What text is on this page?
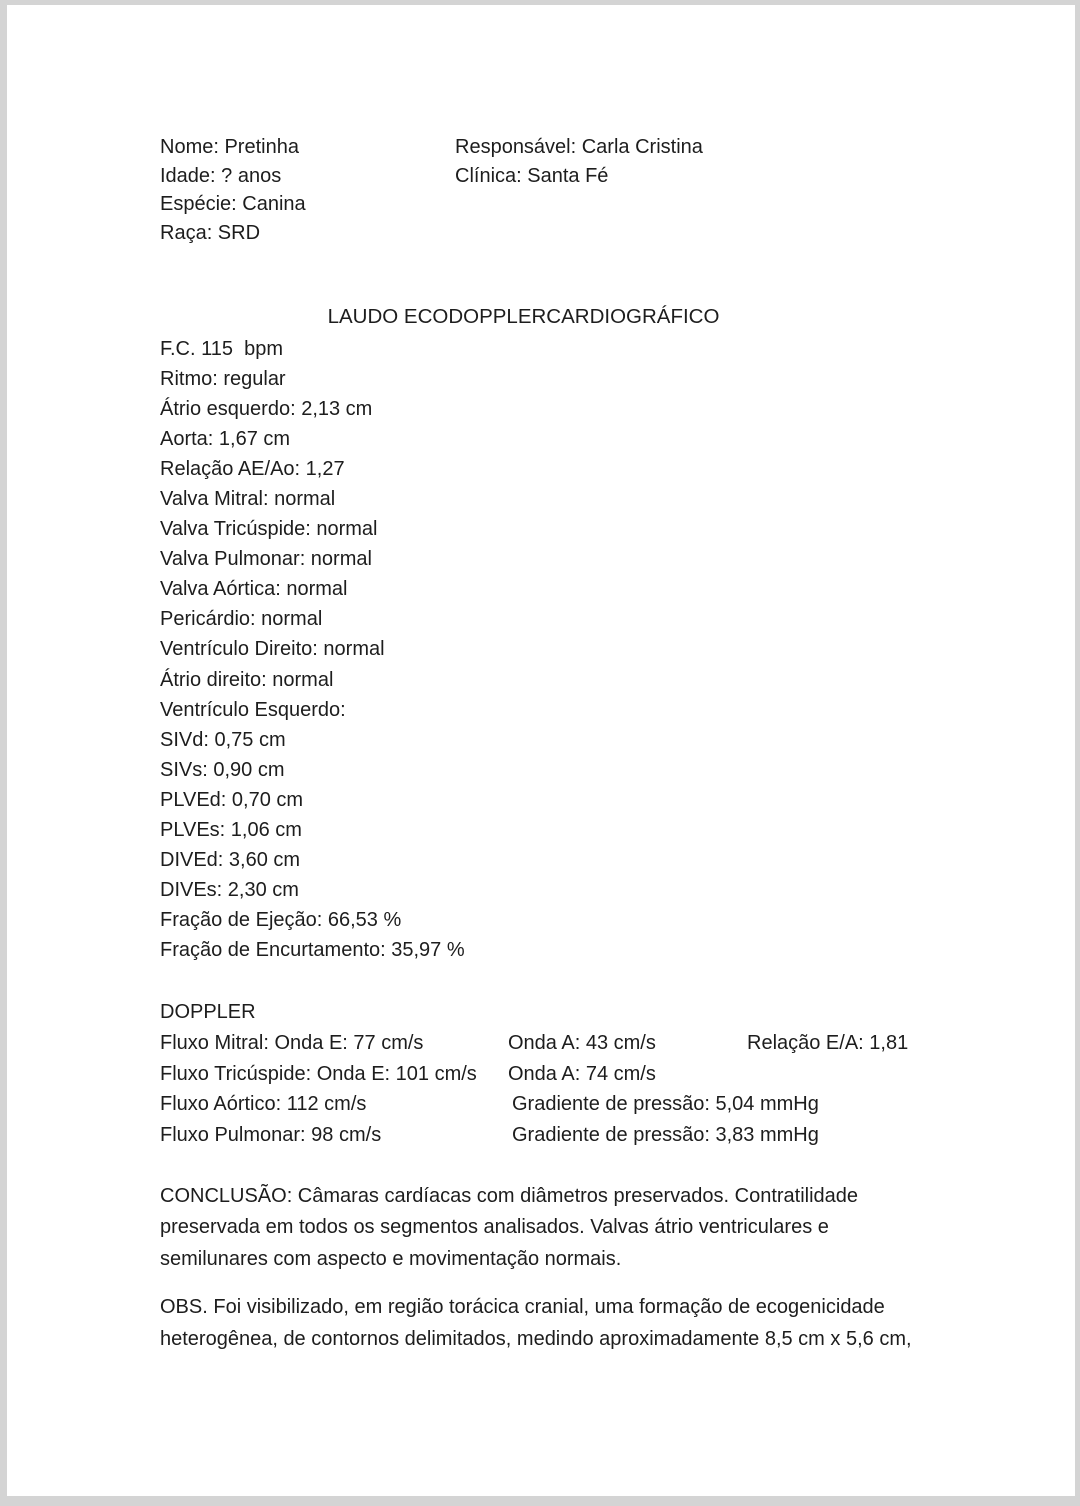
Nome: Pretinha
Idade: ? anos
Espécie: Canina
Raça: SRD
Responsável: Carla Cristina
Clínica: Santa Fé
LAUDO ECODOPPLERCARDIOGRÁFICO
F.C. 115  bpm
Ritmo: regular
Átrio esquerdo: 2,13 cm
Aorta: 1,67 cm
Relação AE/Ao: 1,27
Valva Mitral: normal
Valva Tricúspide: normal
Valva Pulmonar: normal
Valva Aórtica: normal
Pericárdio: normal
Ventrículo Direito: normal
Átrio direito: normal
Ventrículo Esquerdo:
SIVd: 0,75 cm
SIVs: 0,90 cm
PLVEd: 0,70 cm
PLVEs: 1,06 cm
DIVEd: 3,60 cm
DIVEs: 2,30 cm
Fração de Ejeção: 66,53 %
Fração de Encurtamento: 35,97 %
DOPPLER
Fluxo Mitral: Onda E: 77 cm/s	Onda A: 43 cm/s	Relação E/A: 1,81
Fluxo Tricúspide: Onda E: 101 cm/s Onda A: 74 cm/s
Fluxo Aórtico: 112 cm/s	Gradiente de pressão: 5,04 mmHg
Fluxo Pulmonar: 98 cm/s	Gradiente de pressão: 3,83 mmHg
CONCLUSÃO: Câmaras cardíacas com diâmetros preservados. Contratilidade
preservada em todos os segmentos analisados. Valvas átrio ventriculares e
semilunares com aspecto e movimentação normais.
OBS. Foi visibilizado, em região torácica cranial, uma formação de ecogenicidade
heterogênea, de contornos delimitados, medindo aproximadamente 8,5 cm x 5,6 cm,
